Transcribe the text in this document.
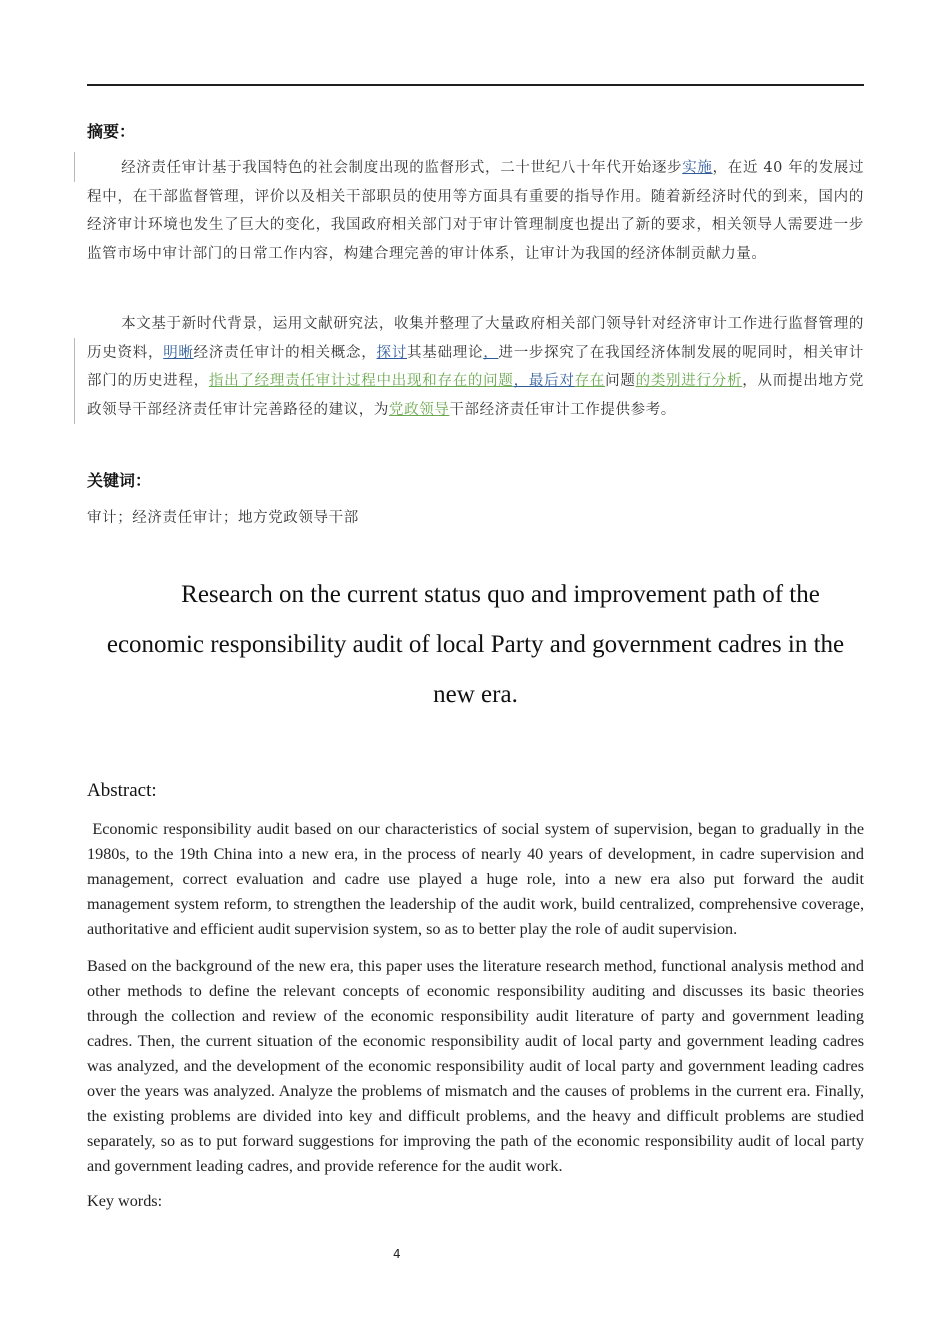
摘要：
经济责任审计基于我国特色的社会制度出现的监督形式，二十世纪八十年代开始逐步实施，在近 40 年的发展过程中，在干部监督管理，评价以及相关干部职员的使用等方面具有重要的指导作用。随着新经济时代的到来，国内的经济审计环境也发生了巨大的变化，我国政府相关部门对于审计管理制度也提出了新的要求，相关领导人需要进一步监管市场中审计部门的日常工作内容，构建合理完善的审计体系，让审计为我国的经济体制贡献力量。
本文基于新时代背景，运用文献研究法，收集并整理了大量政府相关部门领导针对经济审计工作进行监督管理的历史资料，明晰经济责任审计的相关概念，探讨其基础理论，进一步探究了在我国经济体制发展的呢同时，相关审计部门的历史进程，指出了经理责任审计过程中出现和存在的问题，最后对存在问题的类别进行分析，从而提出地方党政领导干部经济责任审计完善路径的建议，为党政领导干部经济责任审计工作提供参考。
关键词：
审计；经济责任审计；地方党政领导干部
Research on the current status quo and improvement path of the economic responsibility audit of local Party and government cadres in the new era.
Abstract:
Economic responsibility audit based on our characteristics of social system of supervision, began to gradually in the 1980s, to the 19th China into a new era, in the process of nearly 40 years of development, in cadre supervision and management, correct evaluation and cadre use played a huge role, into a new era also put forward the audit management system reform, to strengthen the leadership of the audit work, build centralized, comprehensive coverage, authoritative and efficient audit supervision system, so as to better play the role of audit supervision.
Based on the background of the new era, this paper uses the literature research method, functional analysis method and other methods to define the relevant concepts of economic responsibility auditing and discusses its basic theories through the collection and review of the economic responsibility audit literature of party and government leading cadres. Then, the current situation of the economic responsibility audit of local party and government leading cadres was analyzed, and the development of the economic responsibility audit of local party and government leading cadres over the years was analyzed. Analyze the problems of mismatch and the causes of problems in the current era. Finally, the existing problems are divided into key and difficult problems, and the heavy and difficult problems are studied separately, so as to put forward suggestions for improving the path of the economic responsibility audit of local party and government leading cadres, and provide reference for the audit work.
Key words:
4
